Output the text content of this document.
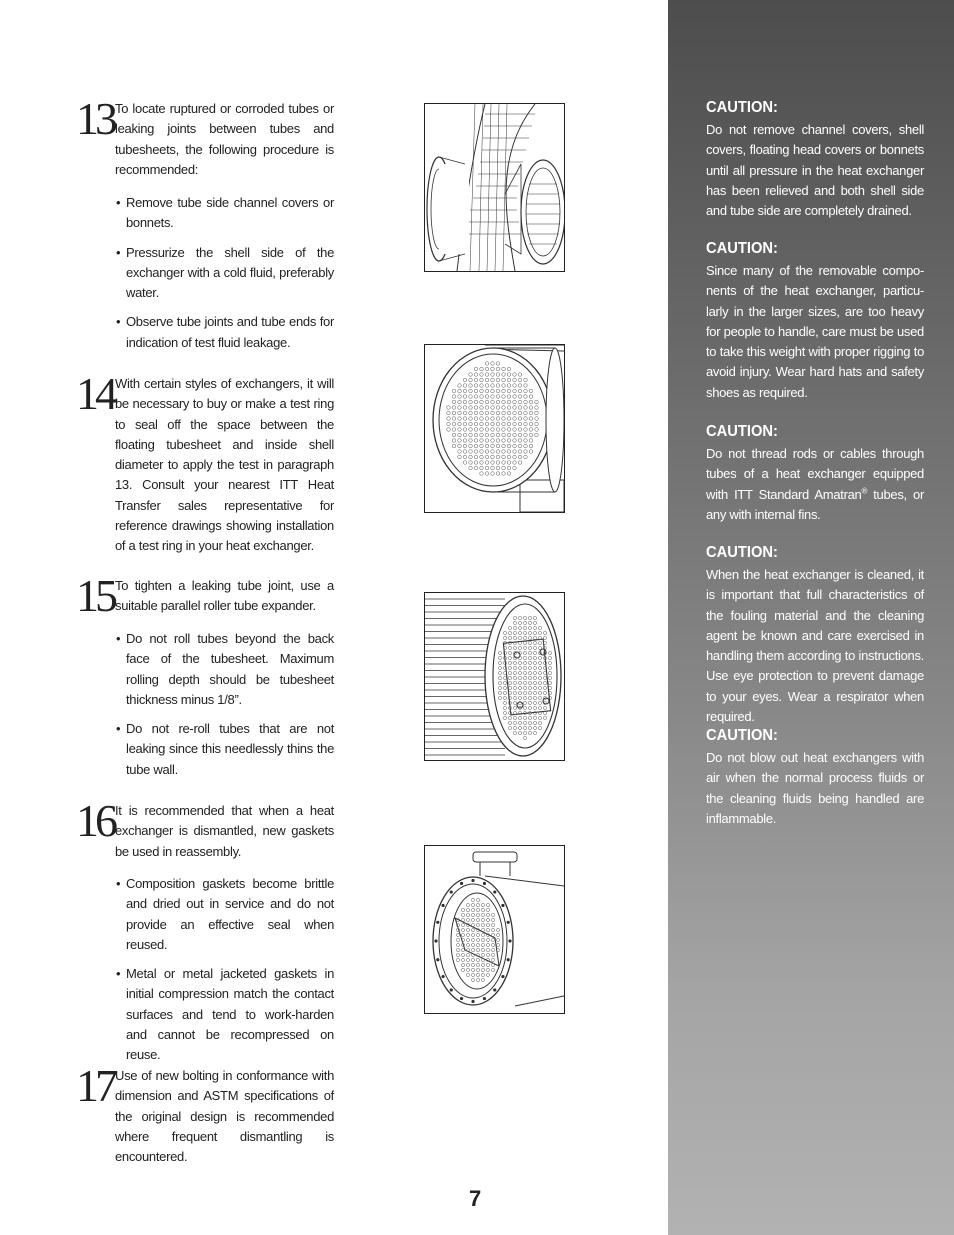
13 To locate ruptured or corroded tubes or leaking joints between tubes and tubesheets, the following procedure is recommended:
• Remove tube side channel covers or bonnets.
• Pressurize the shell side of the exchanger with a cold fluid, preferably water.
• Observe tube joints and tube ends for indication of test fluid leakage.
14 With certain styles of exchangers, it will be necessary to buy or make a test ring to seal off the space between the floating tubesheet and inside shell diameter to apply the test in paragraph 13. Consult your nearest ITT Heat Transfer sales representative for reference drawings showing installation of a test ring in your heat exchanger.
15 To tighten a leaking tube joint, use a suitable parallel roller tube expander.
• Do not roll tubes beyond the back face of the tubesheet. Maximum rolling depth should be tubesheet thickness minus 1/8”.
• Do not re-roll tubes that are not leaking since this needlessly thins the tube wall.
16 It is recommended that when a heat exchanger is dismantled, new gaskets be used in reassembly.
• Composition gaskets become brittle and dried out in service and do not provide an effective seal when reused.
• Metal or metal jacketed gaskets in initial compression match the contact surfaces and tend to work-harden and cannot be recompressed on reuse.
17 Use of new bolting in conformance with dimension and ASTM specifications of the original design is recommended where frequent dismantling is encountered.
CAUTION:

Do not remove channel covers, shell covers, floating head covers or bonnets until all pressure in the heat exchanger has been relieved and both shell side and tube side are completely drained.

CAUTION:

Since many of the removable compo-nents of the heat exchanger, particu-larly in the larger sizes, are too heavy for people to handle, care must be used to take this weight with proper rigging to avoid injury. Wear hard hats and safety shoes as required.

CAUTION:

Do not thread rods or cables through tubes of a heat exchanger equipped with ITT Standard Amatran® tubes, or any with internal fins.

CAUTION:

When the heat exchanger is cleaned, it is important that full characteristics of the fouling material and the cleaning agent be known and care exercised in handling them according to instructions. Use eye protection to prevent damage to your eyes. Wear a respirator when required.

CAUTION:

Do not blow out heat exchangers with air when the normal process fluids or the cleaning fluids being handled are inflammable.

7
